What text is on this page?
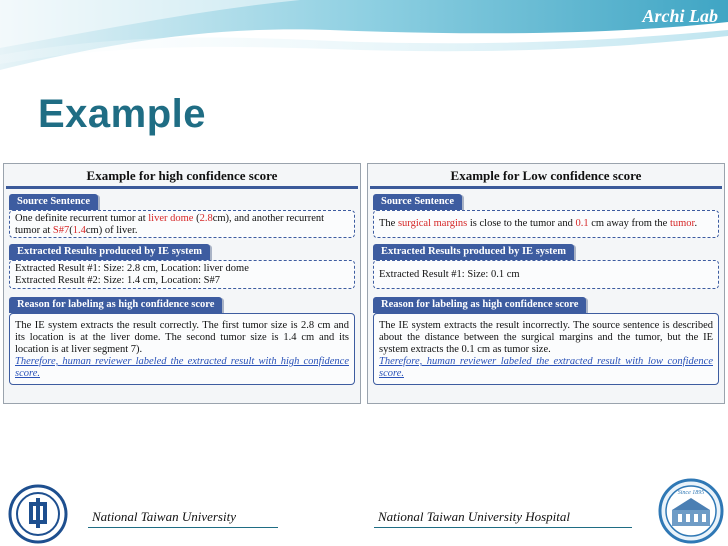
Archi Lab
Example
Example for high confidence score
Source Sentence
One definite recurrent tumor at liver dome (2.8cm), and another recurrent tumor at S#7(1.4cm) of liver.
Extracted Results produced by IE system
Extracted Result #1: Size: 2.8 cm, Location: liver dome
Extracted Result #2: Size: 1.4 cm, Location: S#7
Reason for labeling as high confidence score
The IE system extracts the result correctly. The first tumor size is 2.8 cm and its location is at the liver dome. The second tumor size is 1.4 cm and its location is at liver segment 7).
Therefore, human reviewer labeled the extracted result with high confidence score.
Example for Low confidence score
Source Sentence
The surgical margins is close to the tumor and 0.1 cm away from the tumor.
Extracted Results produced by IE system
Extracted Result #1: Size: 0.1 cm
Reason for labeling as high confidence score
The IE system extracts the result incorrectly. The source sentence is described about the distance between the surgical margins and the tumor, but the IE system extracts the 0.1 cm as tumor size.
Therefore, human reviewer labeled the extracted result with low confidence score.
National Taiwan University	National Taiwan University Hospital
Since 1895
